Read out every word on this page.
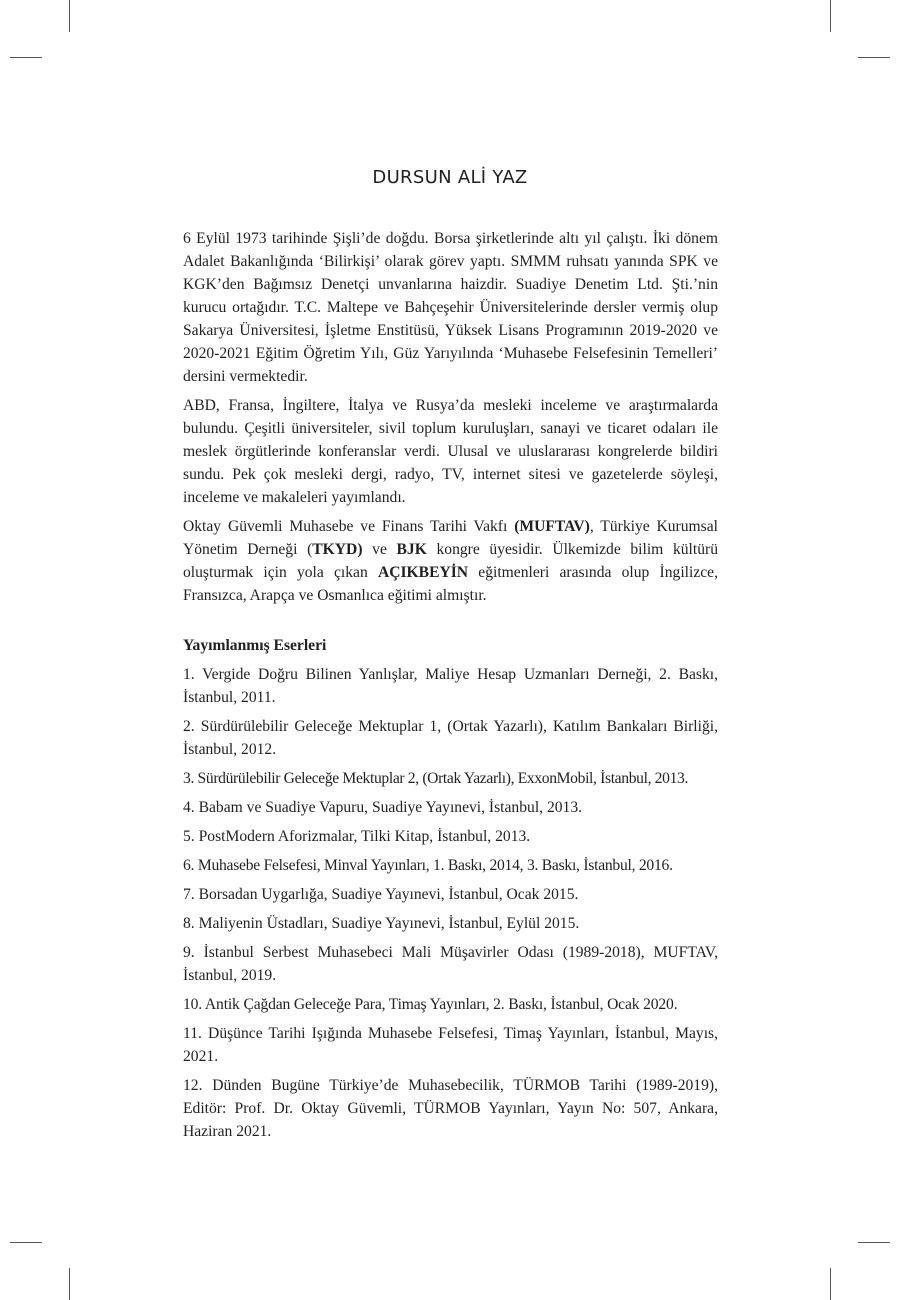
DURSUN ALİ YAZ

6 Eylül 1973 tarihinde Şişli’de doğdu. Borsa şirketlerinde altı yıl çalıştı. İki dönem Adalet Bakanlığında ‘Bilirkişi’ olarak görev yaptı. SMMM ruhsatı yanında SPK ve KGK’den Bağımsız Denetçi unvanlarına haizdir. Suadiye Denetim Ltd. Şti.’nin kurucu ortağıdır. T.C. Maltepe ve Bahçeşehir Üniversitelerinde dersler vermiş olup Sakarya Üniversitesi, İşletme Enstitüsü, Yüksek Lisans Programının 2019-2020 ve 2020-2021 Eğitim Öğretim Yılı, Güz Yarıyılında ‘Muhasebe Felsefesinin Temelleri’ dersini vermektedir.

ABD, Fransa, İngiltere, İtalya ve Rusya’da mesleki inceleme ve araştırmalarda bulundu. Çeşitli üniversiteler, sivil toplum kuruluşları, sanayi ve ticaret odaları ile meslek örgütlerinde konferanslar verdi. Ulusal ve uluslararası kongrelerde bildiri sundu. Pek çok mesleki dergi, radyo, TV, internet sitesi ve gazetelerde söyleşi, inceleme ve makaleleri yayımlandı.

Oktay Güvemli Muhasebe ve Finans Tarihi Vakfı (MUFTAV), Türkiye Kurumsal Yönetim Derneği (TKYD) ve BJK kongre üyesidir. Ülkemizde bilim kültürü oluşturmak için yola çıkan AÇIKBEYİN eğitmenleri arasında olup İngilizce, Fransızca, Arapça ve Osmanlıca eğitimi almıştır.

Yayımlanmış Eserleri
1. Vergide Doğru Bilinen Yanlışlar, Maliye Hesap Uzmanları Derneği, 2. Baskı, İstanbul, 2011.
2. Sürdürülebilir Geleceğe Mektuplar 1, (Ortak Yazarlı), Katılım Bankaları Birliği, İstanbul, 2012.
3. Sürdürülebilir Geleceğe Mektuplar 2, (Ortak Yazarlı), ExxonMobil, İstanbul, 2013.
4. Babam ve Suadiye Vapuru, Suadiye Yayınevi, İstanbul, 2013.
5. PostModern Aforizmalar, Tilki Kitap, İstanbul, 2013.
6. Muhasebe Felsefesi, Minval Yayınları, 1. Baskı, 2014, 3. Baskı, İstanbul, 2016.
7. Borsadan Uygarlığa, Suadiye Yayınevi, İstanbul, Ocak 2015.
8. Maliyenin Üstadları, Suadiye Yayınevi, İstanbul, Eylül 2015.
9. İstanbul Serbest Muhasebeci Mali Müşavirler Odası (1989-2018), MUFTAV, İstanbul, 2019.
10. Antik Çağdan Geleceğe Para, Timaş Yayınları, 2. Baskı, İstanbul, Ocak 2020.
11. Düşünce Tarihi Işığında Muhasebe Felsefesi, Timaş Yayınları, İstanbul, Mayıs, 2021.
12. Dünden Bugüne Türkiye’de Muhasebecilik, TÜRMOB Tarihi (1989-2019), Editör: Prof. Dr. Oktay Güvemli, TÜRMOB Yayınları, Yayın No: 507, Ankara, Haziran 2021.
